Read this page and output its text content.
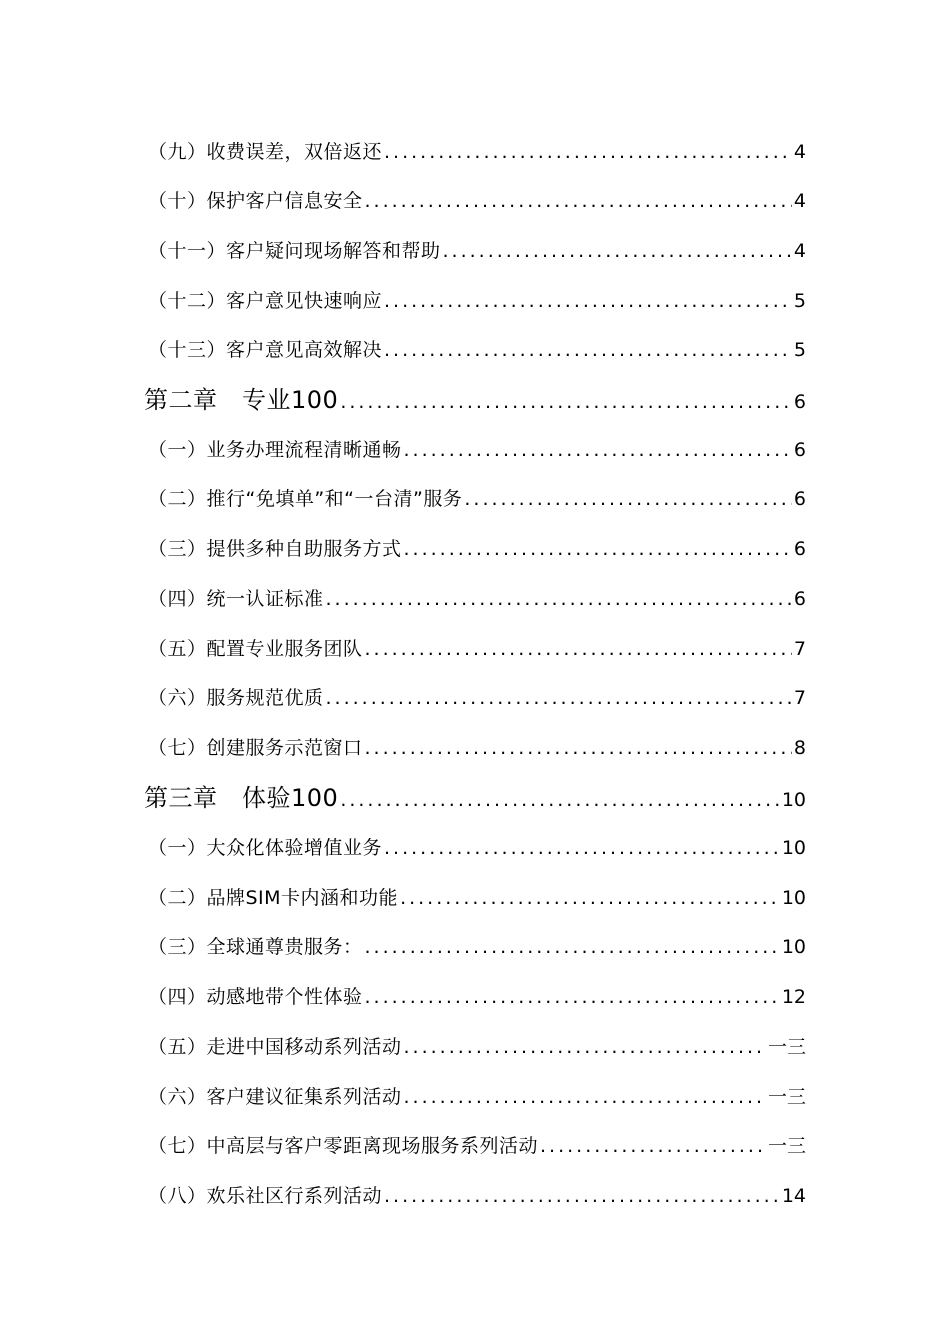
（九）收费误差，双倍返还 .....	4
（十）保护客户信息安全 .....	4
（十一）客户疑问现场解答和帮助 .....	4
（十二）客户意见快速响应 .....	5
（十三）客户意见高效解决 .....	5
第二章　专业100 .....	6
（一）业务办理流程清晰通畅 .....	6
（二）推行“免填单”和“一台清”服务 .....	6
（三）提供多种自助服务方式 .....	6
（四）统一认证标准 .....	6
（五）配置专业服务团队 .....	7
（六）服务规范优质 .....	7
（七）创建服务示范窗口 .....	8
第三章　体验100 .....	10
（一）大众化体验增值业务 .....	10
（二）品牌SIM卡内涵和功能 .....	10
（三）全球通尊贵服务： .....	10
（四）动感地带个性体验 .....	12
（五）走进中国移动系列活动 .....	一三
（六）客户建议征集系列活动 .....	一三
（七）中高层与客户零距离现场服务系列活动 .....	一三
（八）欢乐社区行系列活动 .....	14
